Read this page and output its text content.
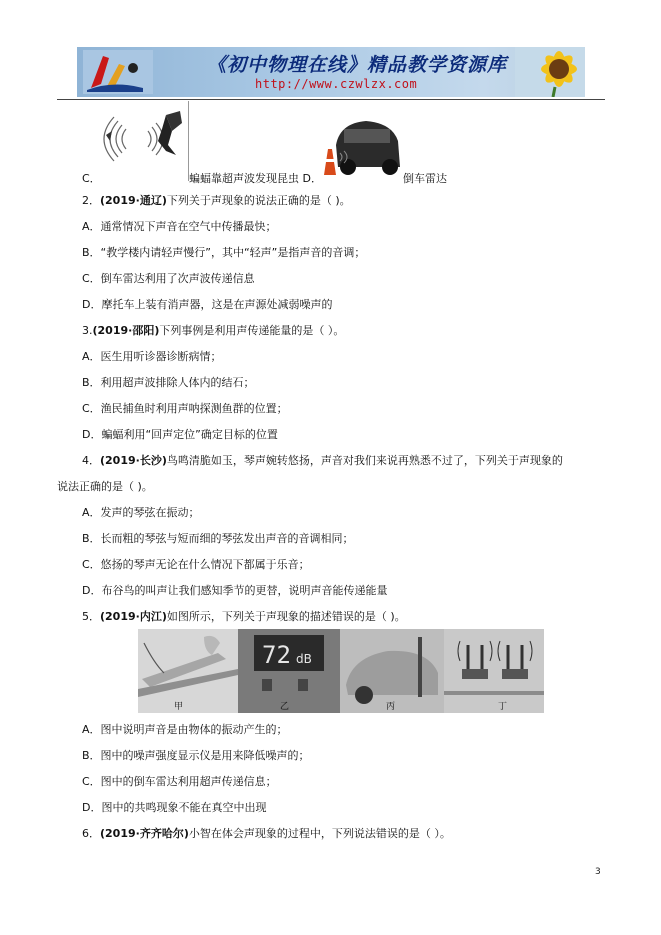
《初中物理在线》精品教学资源库
http://www.czwlzx.com
C．	蝙蝠靠超声波发现昆虫 D．	倒车雷达
2．(2019·通辽)下列关于声现象的说法正确的是（ )。
A．通常情况下声音在空气中传播最快；
B．“教学楼内请轻声慢行”，其中“轻声”是指声音的音调；
C．倒车雷达利用了次声波传递信息
D．摩托车上装有消声器，这是在声源处减弱噪声的
3.(2019·邵阳)下列事例是利用声传递能量的是（ ）。
A．医生用听诊器诊断病情；
B．利用超声波排除人体内的结石；
C．渔民捕鱼时利用声呐探测鱼群的位置；
D．蝙蝠利用“回声定位”确定目标的位置
4．(2019·长沙)鸟鸣清脆如玉，琴声婉转悠扬，声音对我们来说再熟悉不过了，下列关于声现象的
说法正确的是（ )。
A．发声的琴弦在振动；
B．长而粗的琴弦与短而细的琴弦发出声音的音调相同；
C．悠扬的琴声无论在什么情况下都属于乐音；
D．布谷鸟的叫声让我们感知季节的更替，说明声音能传递能量
5．(2019·内江)如图所示，下列关于声现象的描述错误的是（ )。
A．图中说明声音是由物体的振动产生的；
B．图中的噪声强度显示仪是用来降低噪声的；
C．图中的倒车雷达利用超声传递信息；
D．图中的共鸣现象不能在真空中出现
6．(2019·齐齐哈尔)小智在体会声现象的过程中，下列说法错误的是（ ）。
72 dB
甲	乙	丙	丁
3
